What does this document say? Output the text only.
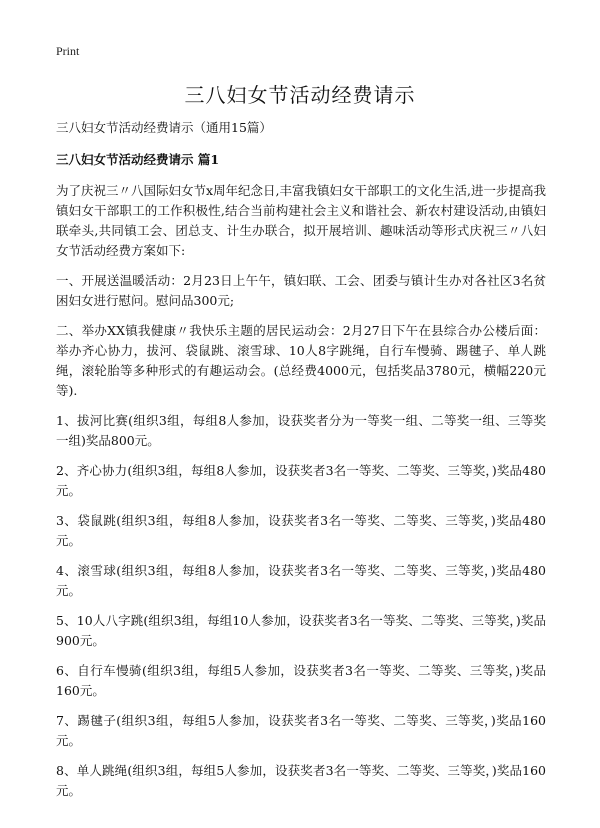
Print
三八妇女节活动经费请示

三八妇女节活动经费请示（通用15篇）

三八妇女节活动经费请示 篇1

为了庆祝三〃八国际妇女节x周年纪念日,丰富我镇妇女干部职工的文化生活,进一步提高我镇妇女干部职工的工作积极性,结合当前构建社会主义和谐社会、新农村建设活动,由镇妇联牵头,共同镇工会、团总支、计生办联合，拟开展培训、趣味活动等形式庆祝三〃八妇女节活动经费方案如下:

一、开展送温暖活动：2月23日上午午，镇妇联、工会、团委与镇计生办对各社区3名贫困妇女进行慰问。慰问品300元;

二、举办XX镇我健康〃我快乐主题的居民运动会：2月27日下午在县综合办公楼后面：举办齐心协力，拔河、袋鼠跳、滚雪球、10人8字跳绳，自行车慢骑、踢毽子、单人跳绳，滚轮胎等多种形式的有趣运动会。(总经费4000元，包括奖品3780元，横幅220元等).

1、拔河比赛(组织3组，每组8人参加，设获奖者分为一等奖一组、二等奖一组、三等奖一组)奖品800元。

2、齐心协力(组织3组，每组8人参加，设获奖者3名一等奖、二等奖、三等奖，)奖品480元。

3、袋鼠跳(组织3组，每组8人参加，设获奖者3名一等奖、二等奖、三等奖，)奖品480元。

4、滚雪球(组织3组，每组8人参加，设获奖者3名一等奖、二等奖、三等奖，)奖品480元。

5、10人八字跳(组织3组，每组10人参加，设获奖者3名一等奖、二等奖、三等奖，)奖品900元。

6、自行车慢骑(组织3组，每组5人参加，设获奖者3名一等奖、二等奖、三等奖，)奖品160元。

7、踢毽子(组织3组，每组5人参加，设获奖者3名一等奖、二等奖、三等奖，)奖品160元。

8、单人跳绳(组织3组，每组5人参加，设获奖者3名一等奖、二等奖、三等奖，)奖品160元。
